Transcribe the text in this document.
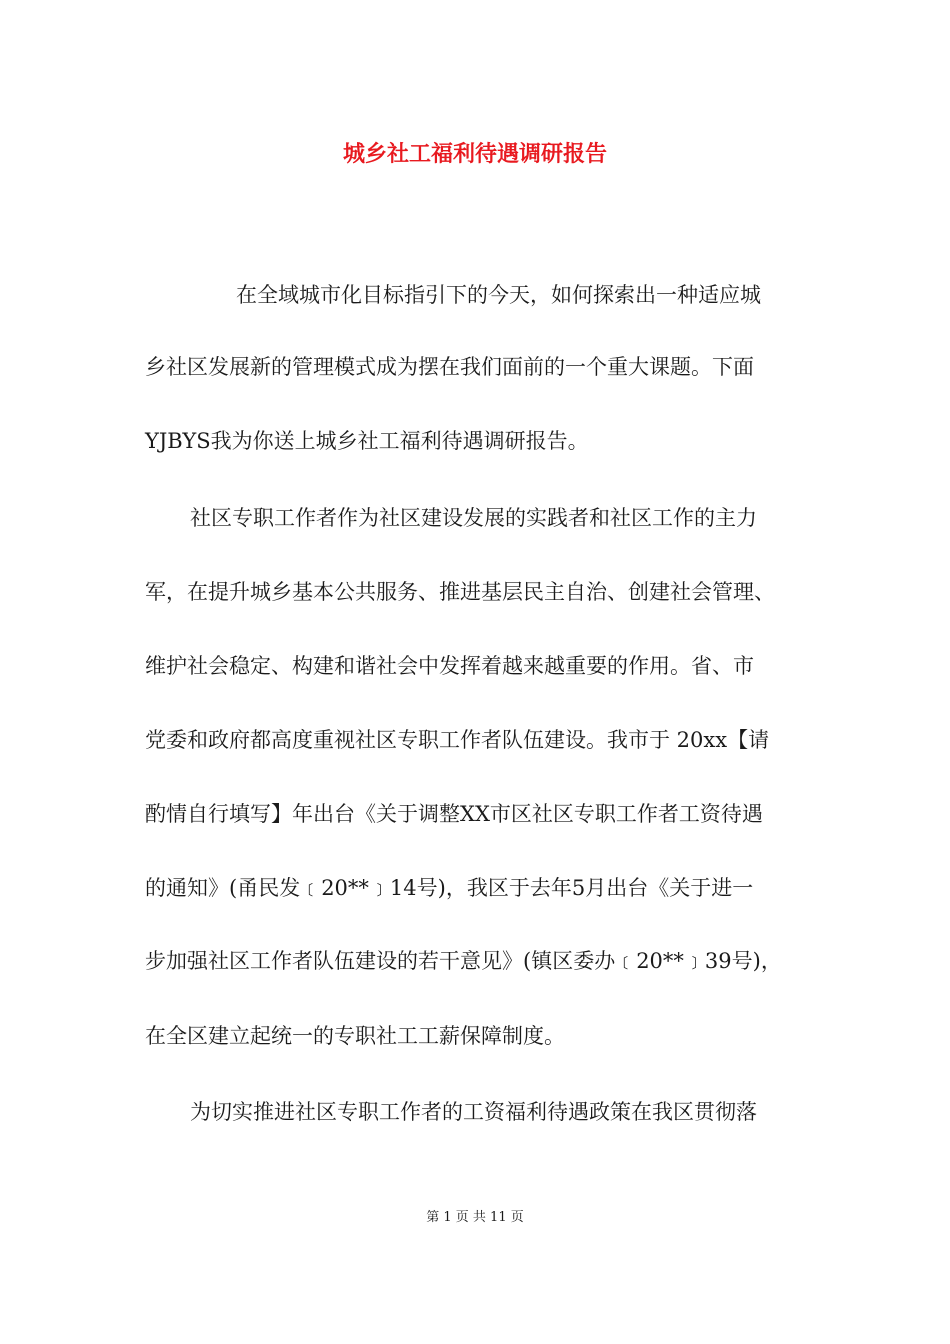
城乡社工福利待遇调研报告
在全域城市化目标指引下的今天，如何探索出一种适应城
乡社区发展新的管理模式成为摆在我们面前的一个重大课题。下面
YJBYS我为你送上城乡社工福利待遇调研报告。
社区专职工作者作为社区建设发展的实践者和社区工作的主力
军，在提升城乡基本公共服务、推进基层民主自治、创建社会管理、
维护社会稳定、构建和谐社会中发挥着越来越重要的作用。省、市
党委和政府都高度重视社区专职工作者队伍建设。我市于 20xx【请
酌情自行填写】年出台《关于调整XX市区社区专职工作者工资待遇
的通知》(甬民发﹝20**﹞14号)，我区于去年5月出台《关于进一
步加强社区工作者队伍建设的若干意见》(镇区委办﹝20**﹞39号)，
在全区建立起统一的专职社工工薪保障制度。
为切实推进社区专职工作者的工资福利待遇政策在我区贯彻落
第 1 页 共 11 页
